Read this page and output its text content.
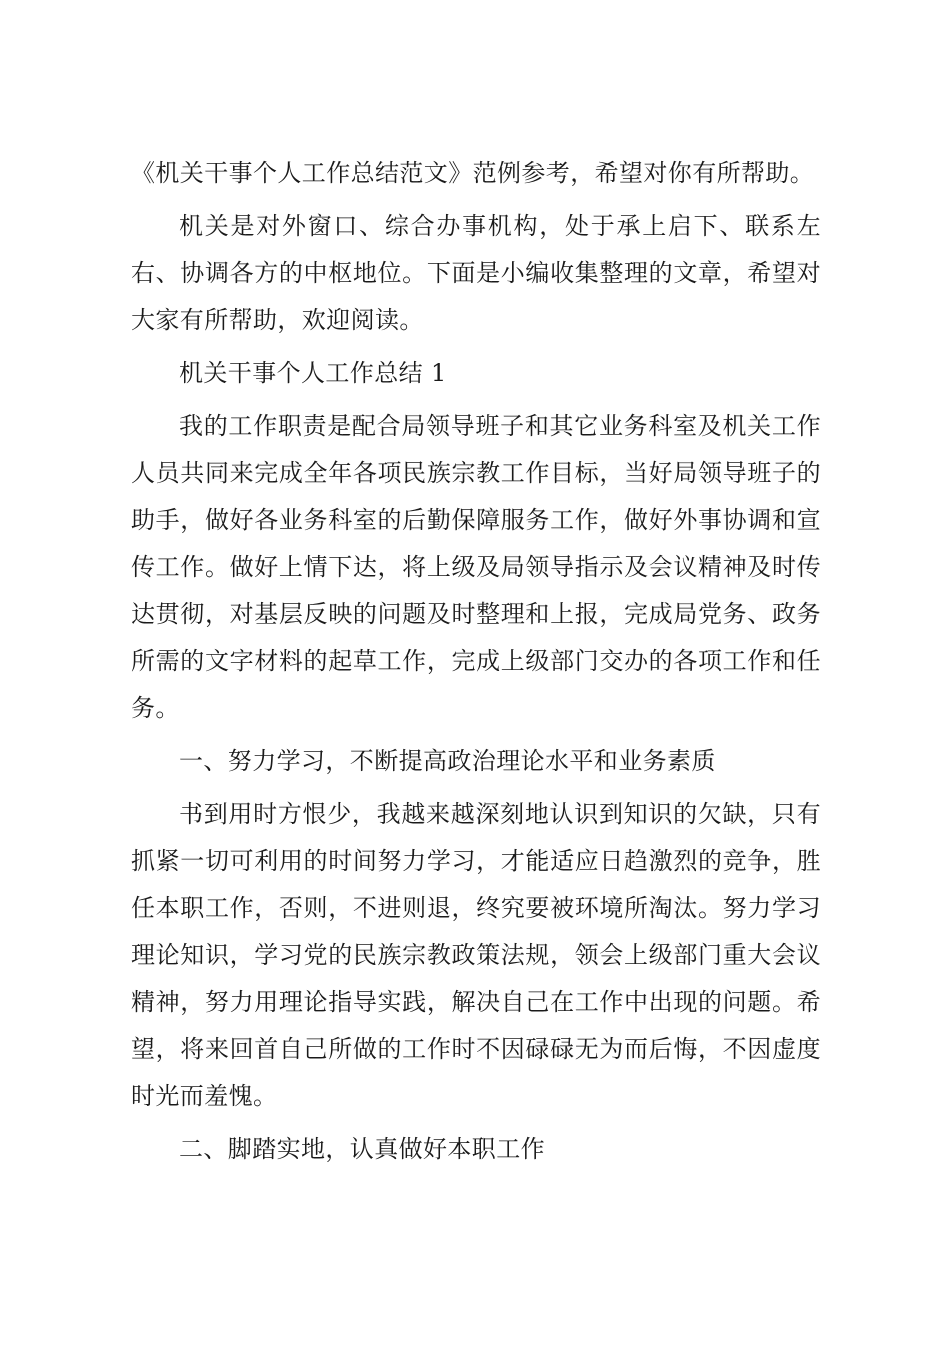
《机关干事个人工作总结范文》范例参考，希望对你有所帮助。

机关是对外窗口、综合办事机构，处于承上启下、联系左右、协调各方的中枢地位。下面是小编收集整理的文章，希望对大家有所帮助，欢迎阅读。

机关干事个人工作总结 1

我的工作职责是配合局领导班子和其它业务科室及机关工作人员共同来完成全年各项民族宗教工作目标，当好局领导班子的助手，做好各业务科室的后勤保障服务工作，做好外事协调和宣传工作。做好上情下达，将上级及局领导指示及会议精神及时传达贯彻，对基层反映的问题及时整理和上报，完成局党务、政务所需的文字材料的起草工作，完成上级部门交办的各项工作和任务。

一、努力学习，不断提高政治理论水平和业务素质

书到用时方恨少，我越来越深刻地认识到知识的欠缺，只有抓紧一切可利用的时间努力学习，才能适应日趋激烈的竞争，胜任本职工作，否则，不进则退，终究要被环境所淘汰。努力学习理论知识，学习党的民族宗教政策法规，领会上级部门重大会议精神，努力用理论指导实践，解决自己在工作中出现的问题。希望，将来回首自己所做的工作时不因碌碌无为而后悔，不因虚度时光而羞愧。

二、脚踏实地，认真做好本职工作
